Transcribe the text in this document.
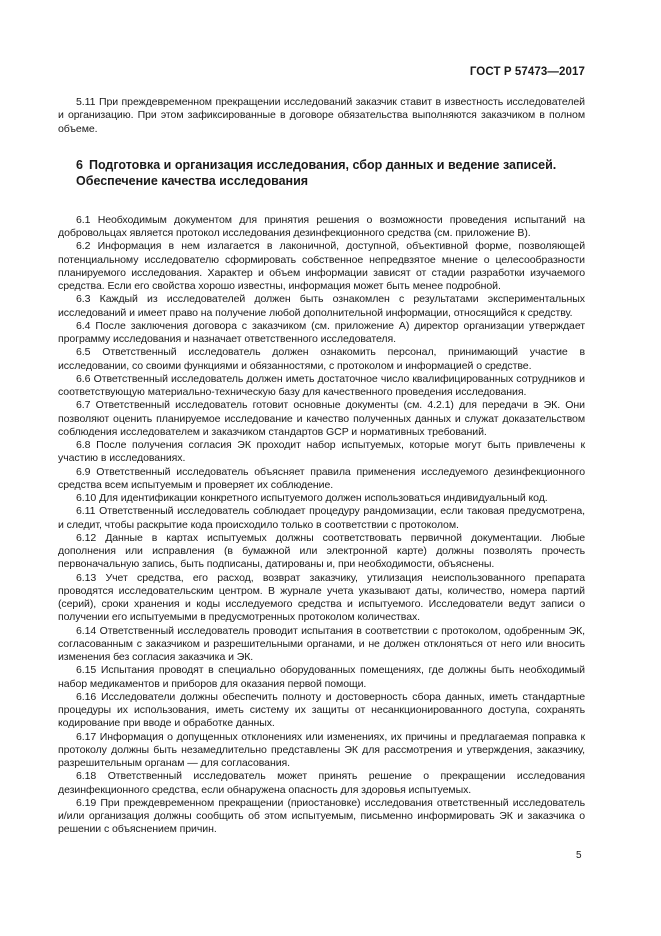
ГОСТ Р 57473—2017

5.11 При преждевременном прекращении исследований заказчик ставит в известность исследователей и организацию. При этом зафиксированные в договоре обязательства выполняются заказчиком в полном объеме.

6 Подготовка и организация исследования, сбор данных и ведение записей. Обеспечение качества исследования

6.1 Необходимым документом для принятия решения о возможности проведения испытаний на добровольцах является протокол исследования дезинфекционного средства (см. приложение В).

6.2 Информация в нем излагается в лаконичной, доступной, объективной форме, позволяющей потенциальному исследователю сформировать собственное непредвзятое мнение о целесообразности планируемого исследования. Характер и объем информации зависят от стадии разработки изучаемого средства. Если его свойства хорошо известны, информация может быть менее подробной.

6.3 Каждый из исследователей должен быть ознакомлен с результатами экспериментальных исследований и имеет право на получение любой дополнительной информации, относящийся к средству.

6.4 После заключения договора с заказчиком (см. приложение А) директор организации утверждает программу исследования и назначает ответственного исследователя.

6.5 Ответственный исследователь должен ознакомить персонал, принимающий участие в исследовании, со своими функциями и обязанностями, с протоколом и информацией о средстве.

6.6 Ответственный исследователь должен иметь достаточное число квалифицированных сотрудников и соответствующую материально-техническую базу для качественного проведения исследования.

6.7 Ответственный исследователь готовит основные документы (см. 4.2.1) для передачи в ЭК. Они позволяют оценить планируемое исследование и качество полученных данных и служат доказательством соблюдения исследователем и заказчиком стандартов GCP и нормативных требований.

6.8 После получения согласия ЭК проходит набор испытуемых, которые могут быть привлечены к участию в исследованиях.

6.9 Ответственный исследователь объясняет правила применения исследуемого дезинфекционного средства всем испытуемым и проверяет их соблюдение.

6.10 Для идентификации конкретного испытуемого должен использоваться индивидуальный код.

6.11 Ответственный исследователь соблюдает процедуру рандомизации, если таковая предусмотрена, и следит, чтобы раскрытие кода происходило только в соответствии с протоколом.

6.12 Данные в картах испытуемых должны соответствовать первичной документации. Любые дополнения или исправления (в бумажной или электронной карте) должны позволять прочесть первоначальную запись, быть подписаны, датированы и, при необходимости, объяснены.

6.13 Учет средства, его расход, возврат заказчику, утилизация неиспользованного препарата проводятся исследовательским центром. В журнале учета указывают даты, количество, номера партий (серий), сроки хранения и коды исследуемого средства и испытуемого. Исследователи ведут записи о получении его испытуемыми в предусмотренных протоколом количествах.

6.14 Ответственный исследователь проводит испытания в соответствии с протоколом, одобренным ЭК, согласованным с заказчиком и разрешительными органами, и не должен отклоняться от него или вносить изменения без согласия заказчика и ЭК.

6.15 Испытания проводят в специально оборудованных помещениях, где должны быть необходимый набор медикаментов и приборов для оказания первой помощи.

6.16 Исследователи должны обеспечить полноту и достоверность сбора данных, иметь стандартные процедуры их использования, иметь систему их защиты от несанкционированного доступа, сохранять кодирование при вводе и обработке данных.

6.17 Информация о допущенных отклонениях или изменениях, их причины и предлагаемая поправка к протоколу должны быть незамедлительно представлены ЭК для рассмотрения и утверждения, заказчику, разрешительным органам — для согласования.

6.18 Ответственный исследователь может принять решение о прекращении исследования дезинфекционного средства, если обнаружена опасность для здоровья испытуемых.

6.19 При преждевременном прекращении (приостановке) исследования ответственный исследователь и/или организация должны сообщить об этом испытуемым, письменно информировать ЭК и заказчика о решении с объяснением причин.

5
